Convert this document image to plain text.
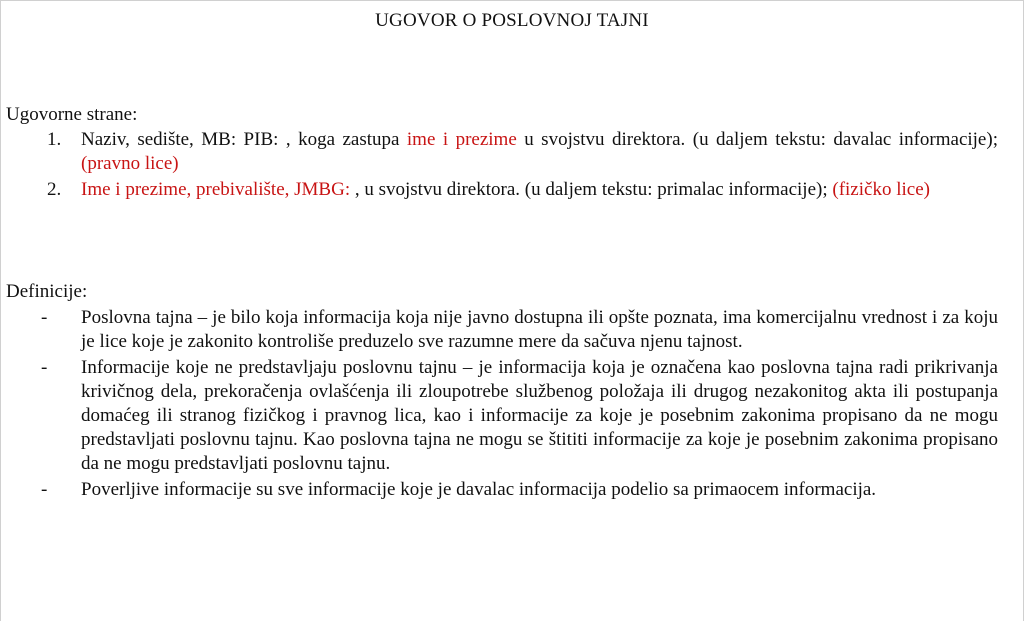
UGOVOR O POSLOVNOJ TAJNI
Ugovorne strane:
1. Naziv, sedište, MB: PIB: , koga zastupa ime i prezime u svojstvu direktora. (u daljem tekstu: davalac informacije); (pravno lice)
2. Ime i prezime, prebivalište, JMBG: , u svojstvu direktora. (u daljem tekstu: primalac informacije); (fizičko lice)
Definicije:
- Poslovna tajna – je bilo koja informacija koja nije javno dostupna ili opšte poznata, ima komercijalnu vrednost i za koju je lice koje je zakonito kontroliše preduzelo sve razumne mere da sačuva njenu tajnost.
- Informacije koje ne predstavljaju poslovnu tajnu – je informacija koja je označena kao poslovna tajna radi prikrivanja krivičnog dela, prekoračenja ovlašćenja ili zloupotrebe službenog položaja ili drugog nezakonitog akta ili postupanja domaćeg ili stranog fizičkog i pravnog lica, kao i informacije za koje je posebnim zakonima propisano da ne mogu predstavljati poslovnu tajnu. Kao poslovna tajna ne mogu se štititi informacije za koje je posebnim zakonima propisano da ne mogu predstavljati poslovnu tajnu.
- Poverljive informacije su sve informacije koje je davalac informacija podelio sa primaocem informacija.
